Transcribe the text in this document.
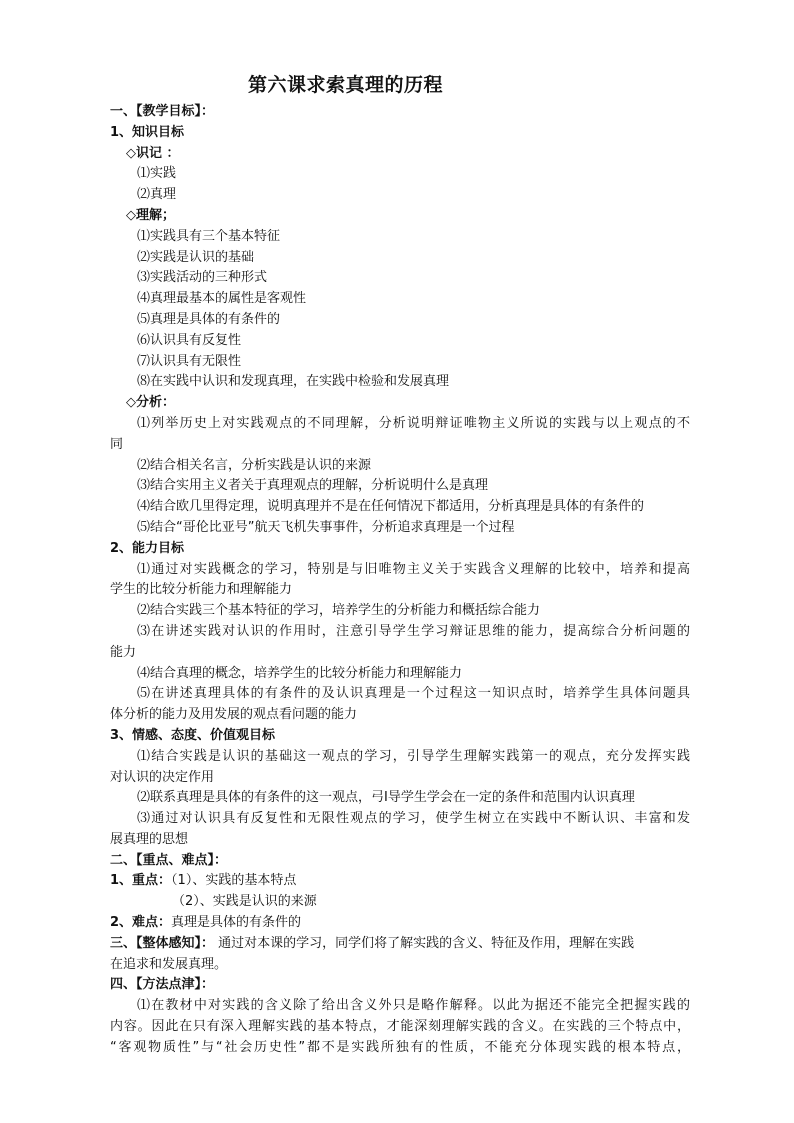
第六课求索真理的历程
一、【教学目标】：
1、知识目标
◇识记 ：
⑴实践
⑵真理
◇理解；
⑴实践具有三个基本特征
⑵实践是认识的基础
⑶实践活动的三种形式
⑷真理最基本的属性是客观性
⑸真理是具体的有条件的
⑹认识具有反复性
⑺认识具有无限性
⑻在实践中认识和发现真理，在实践中检验和发展真理
◇分析：
⑴列举历史上对实践观点的不同理解，分析说明辩证唯物主义所说的实践与以上观点的不
同
⑵结合相关名言，分析实践是认识的来源
⑶结合实用主义者关于真理观点的理解，分析说明什么是真理
⑷结合欧几里得定理，说明真理并不是在任何情况下都适用，分析真理是具体的有条件的
⑸结合“哥伦比亚号”航天飞机失事事件，分析追求真理是一个过程
2、能力目标
⑴通过对实践概念的学习，特别是与旧唯物主义关于实践含义理解的比较中，培养和提高
学生的比较分析能力和理解能力
⑵结合实践三个基本特征的学习，培养学生的分析能力和概括综合能力
⑶在讲述实践对认识的作用时，注意引导学生学习辩证思维的能力，提高综合分析问题的
能力
⑷结合真理的概念，培养学生的比较分析能力和理解能力
⑸在讲述真理具体的有条件的及认识真理是一个过程这一知识点时，培养学生具体问题具
体分析的能力及用发展的观点看问题的能力
3、情感、态度、价值观目标
⑴结合实践是认识的基础这一观点的学习，引导学生理解实践第一的观点，充分发挥实践
对认识的决定作用
⑵联系真理是具体的有条件的这一观点，弓Ⅰ导学生学会在一定的条件和范围内认识真理
⑶通过对认识具有反复性和无限性观点的学习，使学生树立在实践中不断认识、丰富和发
展真理的思想
二、【重点、难点】：
1、重点：（1）、实践的基本特点
（2）、实践是认识的来源
2、难点：真理是具体的有条件的
三、【整体感知】： 通过对本课的学习，同学们将了解实践的含义、特征及作用，理解在实践
在追求和发展真理。
四、【方法点津】：
⑴在教材中对实践的含义除了给出含义外只是略作解释。以此为据还不能完全把握实践的
内容。因此在只有深入理解实践的基本特点，才能深刻理解实践的含义。在实践的三个特点中，
“客观物质性”与“社会历史性”都不是实践所独有的性质，不能充分体现实践的根本特点，
